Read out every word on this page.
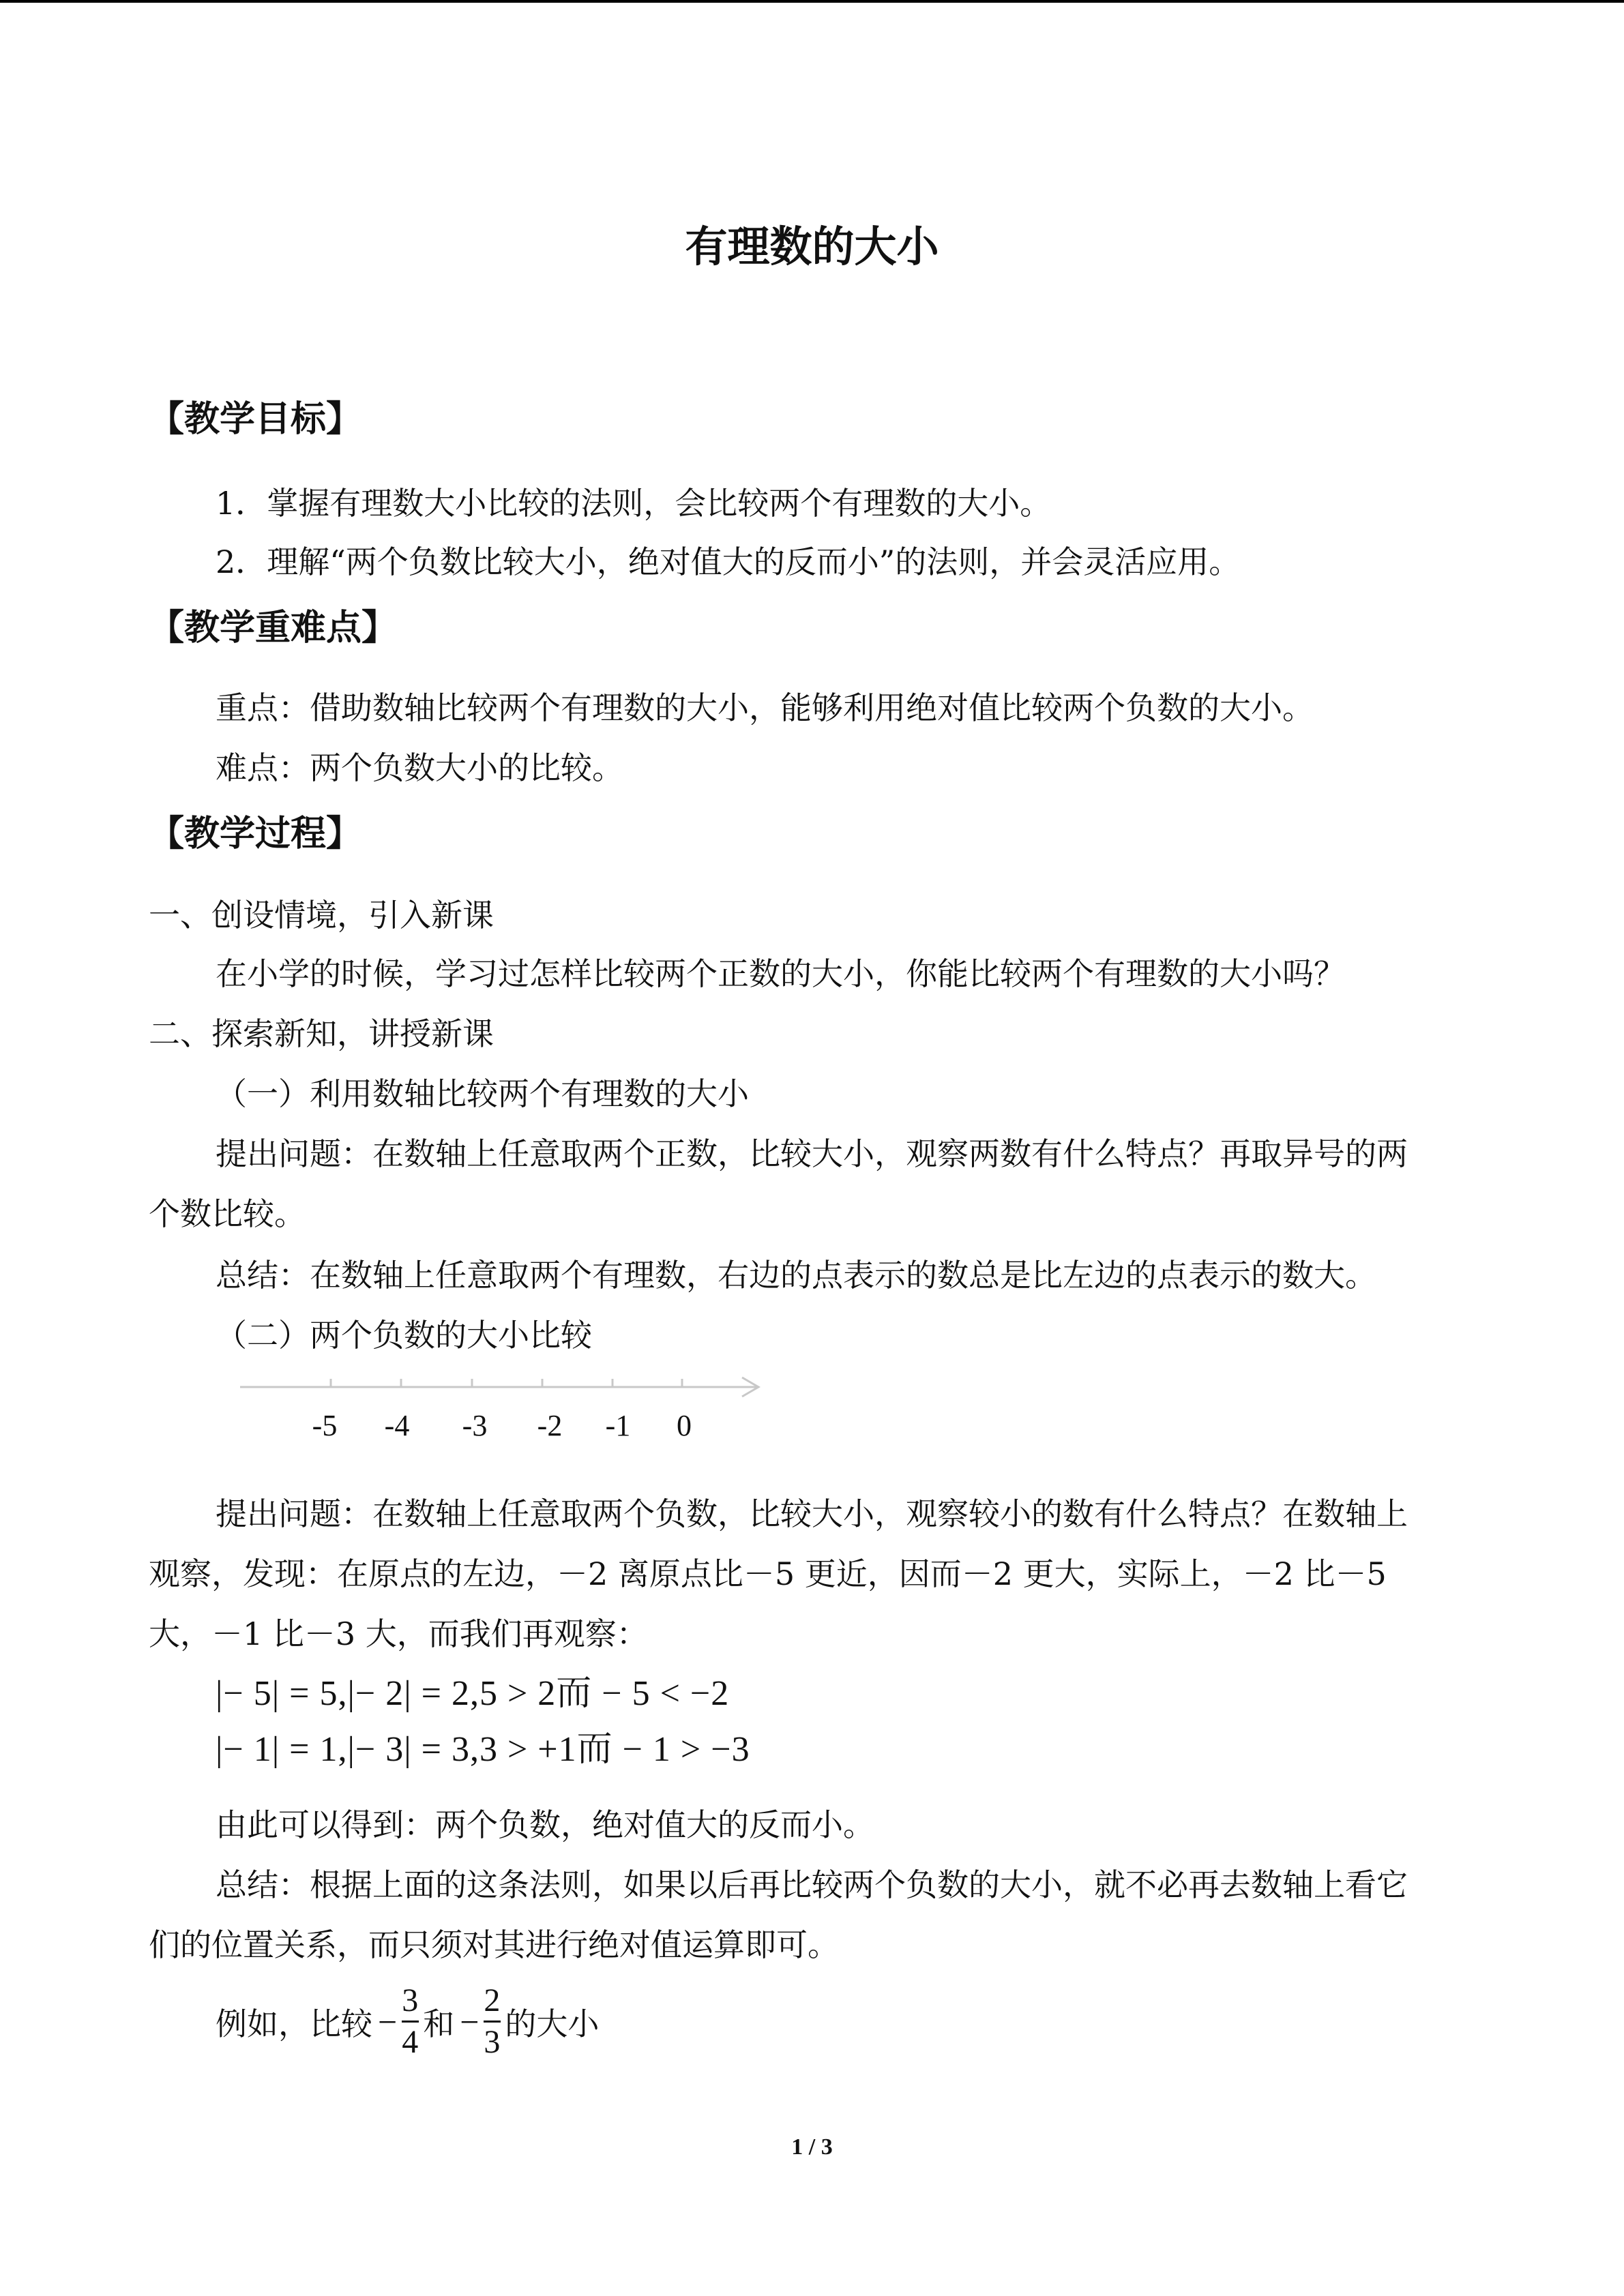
有理数的大小
【教学目标】
1．掌握有理数大小比较的法则，会比较两个有理数的大小。
2．理解“两个负数比较大小，绝对值大的反而小”的法则，并会灵活应用。
【教学重难点】
重点：借助数轴比较两个有理数的大小，能够利用绝对值比较两个负数的大小。
难点：两个负数大小的比较。
【教学过程】
一、创设情境，引入新课
在小学的时候，学习过怎样比较两个正数的大小，你能比较两个有理数的大小吗？
二、探索新知，讲授新课
（一）利用数轴比较两个有理数的大小
提出问题：在数轴上任意取两个正数，比较大小，观察两数有什么特点？再取异号的两
个数比较。
总结：在数轴上任意取两个有理数，右边的点表示的数总是比左边的点表示的数大。
（二）两个负数的大小比较
-5 -4 -3 -2 -1 0
提出问题：在数轴上任意取两个负数，比较大小，观察较小的数有什么特点？在数轴上
观察，发现：在原点的左边，－2 离原点比－5 更近，因而－2 更大，实际上，－2 比－5
大，－1 比－3 大，而我们再观察：
|− 5| = 5,|− 2| = 2,5 > 2而 − 5 < −2
|− 1| = 1,|− 3| = 3,3 > +1而 − 1 > −3
由此可以得到：两个负数，绝对值大的反而小。
总结：根据上面的这条法则，如果以后再比较两个负数的大小，就不必再去数轴上看它
们的位置关系，而只须对其进行绝对值运算即可。
例如，比较 − $\frac{3}{4}$ 和 − $\frac{2}{3}$ 的大小
1 / 3
